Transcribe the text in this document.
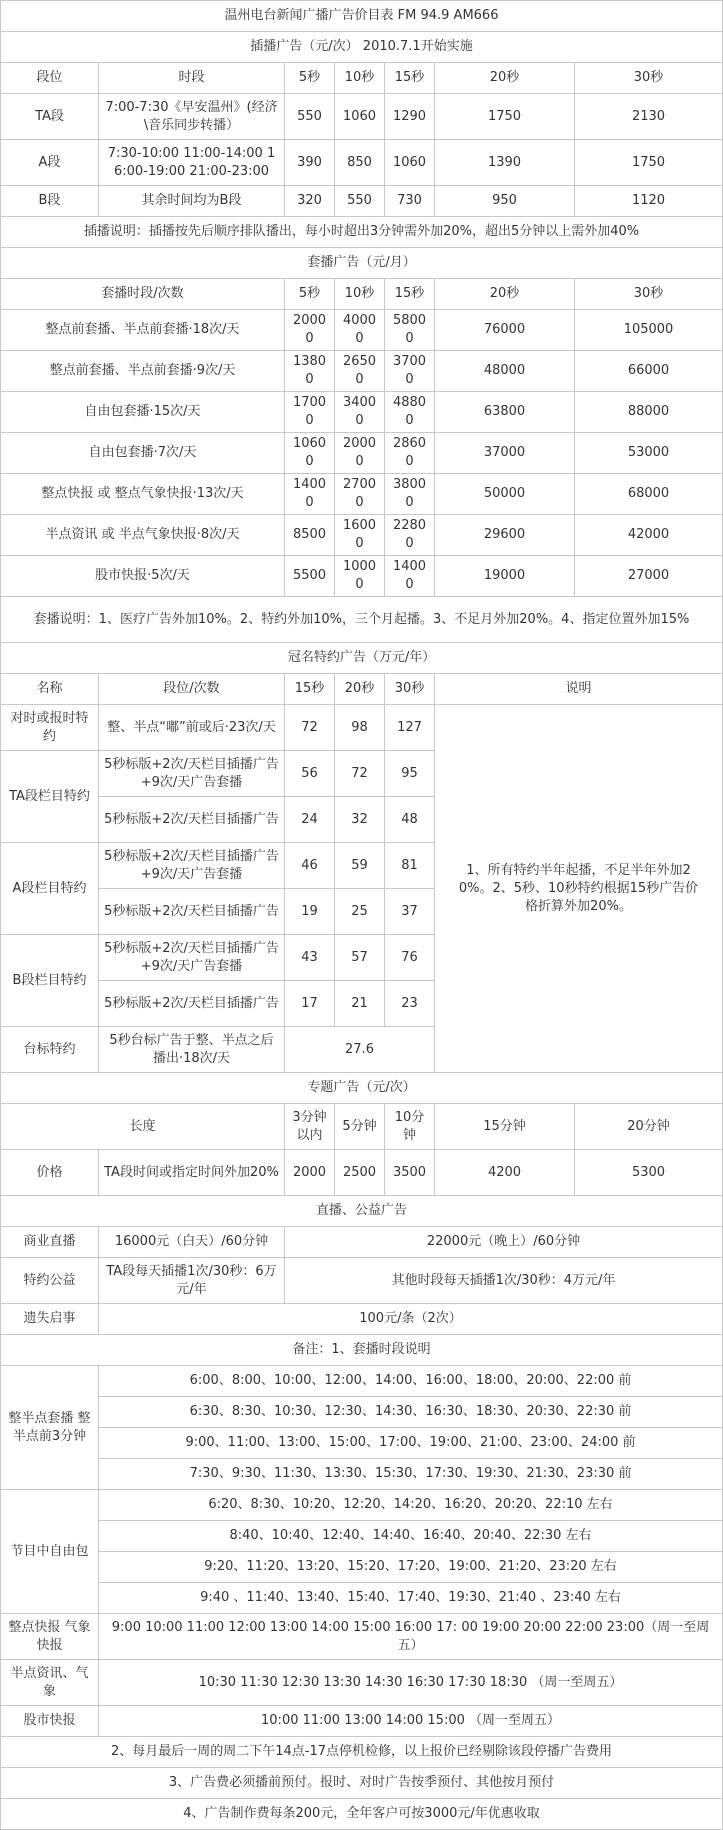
温州电台新闻广播广告价目表 FM 94.9 AM666						
插播广告（元/次） 2010.7.1开始实施						
段位	时段	5秒	10秒	15秒	20秒	30秒
TA段	7:00-7:30《早安温州》(经济\音乐同步转播）	550	1060	1290	1750	2130
A段	7:30-10:00 11:00-14:00 16:00-19:00 21:00-23:00	390	850	1060	1390	1750
B段	其余时间均为B段	320	550	730	950	1120
插播说明：插播按先后顺序排队播出，每小时超出3分钟需外加20%，超出5分钟以上需外加40%						
套播广告（元/月）						
套播时段/次数		5秒	10秒	15秒	20秒	30秒
整点前套播、半点前套播·18次/天		20000	40000	58000	76000	105000
整点前套播、半点前套播·9次/天		13800	26500	37000	48000	66000
自由包套播·15次/天		17000	34000	48800	63800	88000
自由包套播·7次/天		10600	20000	28600	37000	53000
整点快报 或 整点气象快报·13次/天		14000	27000	38000	50000	68000
半点资讯 或 半点气象快报·8次/天		8500	16000	22800	29600	42000
股市快报·5次/天		5500	10000	14000	19000	27000
套播说明：1、医疗广告外加10%。2、特约外加10%，三个月起播。3、不足月外加20%。4、指定位置外加15%						
冠名特约广告（万元/年）						
名称	段位/次数	15秒	20秒	30秒	说明	
对时或报时特约	整、半点“嘟”前或后·23次/天	72	98	127	1、所有特约半年起播，不足半年外加20%。2、5秒、10秒特约根据15秒广告价格折算外加20%。	
TA段栏目特约	5秒标版+2次/天栏目插播广告+9次/天广告套播	56	72	95		
	5秒标版+2次/天栏目插播广告	24	32	48		
A段栏目特约	5秒标版+2次/天栏目插播广告+9次/天广告套播	46	59	81		
	5秒标版+2次/天栏目插播广告	19	25	37		
B段栏目特约	5秒标版+2次/天栏目插播广告+9次/天广告套播	43	57	76		
	5秒标版+2次/天栏目插播广告	17	21	23		
台标特约	5秒台标广告于整、半点之后播出·18次/天	27.6				
专题广告（元/次）						
长度		3分钟以内	5分钟	10分钟	15分钟	20分钟
价格	TA段时间或指定时间外加20%	2000	2500	3500	4200	5300
直播、公益广告						
商业直播	16000元（白天）/60分钟	22000元（晚上）/60分钟				
特约公益	TA段每天插播1次/30秒：6万元/年	其他时段每天插播1次/30秒：4万元/年				
遗失启事	100元/条（2次）					
备注：1、套播时段说明						
整半点套播 整半点前3分钟	6:00、8:00、10:00、12:00、14:00、16:00、18:00、20:00、22:00 前					
	6:30、8:30、10:30、12:30、14:30、16:30、18:30、20:30、22:30 前					
	9:00、11:00、13:00、15:00、17:00、19:00、21:00、23:00、24:00 前					
	7:30、9:30、11:30、13:30、15:30、17:30、19:30、21:30、23:30 前					
节目中自由包	6:20、8:30、10:20、12:20、14:20、16:20、20:20、22:10 左右					
	8:40、10:40、12:40、14:40、16:40、20:40、22:30 左右					
	9:20、11:20、13:20、15:20、17:20、19:00、21:20、23:20 左右					
	9:40 、11:40、13:40、15:40、17:40、19:30、21:40 、23:40 左右					
整点快报 气象快报	9:00 10:00 11:00 12:00 13:00 14:00 15:00 16:00 17: 00 19:00 20:00 22:00 23:00（周一至周五）					
半点资讯、气象	10:30 11:30 12:30 13:30 14:30 16:30 17:30 18:30 （周一至周五）					
股市快报	10:00 11:00 13:00 14:00 15:00 （周一至周五）					
2、每月最后一周的周二下午14点-17点停机检修，以上报价已经剔除该段停播广告费用						
3、广告费必须播前预付。报时、对时广告按季预付、其他按月预付						
4、广告制作费每条200元，全年客户可按3000元/年优惠收取						
